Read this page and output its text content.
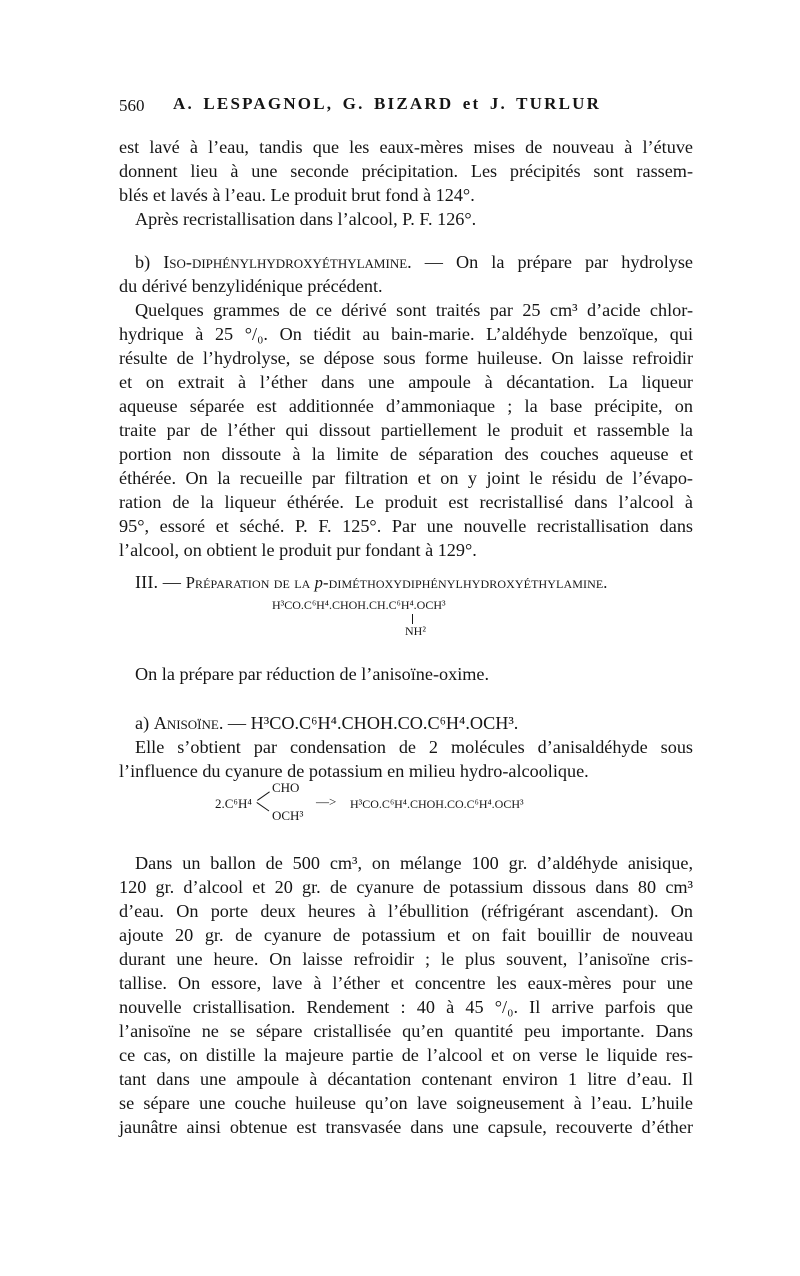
560 A. LESPAGNOL, G. BIZARD et J. TURLUR
est lavé à l’eau, tandis que les eaux-mères mises de nouveau à l’étuve
donnent lieu à une seconde précipitation. Les précipités sont rassem-
blés et lavés à l’eau. Le produit brut fond à 124°.
Après recristallisation dans l’alcool, P. F. 126°.
b) Iso-diphénylhydroxyéthylamine. — On la prépare par hydrolyse
du dérivé benzylidénique précédent.
Quelques grammes de ce dérivé sont traités par 25 cm³ d’acide chlor-
hydrique à 25 °/₀. On tiédit au bain-marie. L’aldéhyde benzoïque, qui
résulte de l’hydrolyse, se dépose sous forme huileuse. On laisse refroidir
et on extrait à l’éther dans une ampoule à décantation. La liqueur
aqueuse séparée est additionnée d’ammoniaque ; la base précipite, on
traite par de l’éther qui dissout partiellement le produit et rassemble la
portion non dissoute à la limite de séparation des couches aqueuse et
éthérée. On la recueille par filtration et on y joint le résidu de l’évapo-
ration de la liqueur éthérée. Le produit est recristallisé dans l’alcool à
95°, essoré et séché. P. F. 125°. Par une nouvelle recristallisation dans
l’alcool, on obtient le produit pur fondant à 129°.
III. — Préparation de la p-diméthoxydiphénylhydroxyéthylamine.
H³CO.C⁶H⁴.CHOH.CH.C⁶H⁴.OCH³
NH²
On la prépare par réduction de l’anisoïne-oxime.
a) Anisoïne. — H³CO.C⁶H⁴.CHOH.CO.C⁶H⁴.OCH³.
Elle s’obtient par condensation de 2 molécules d’anisaldéhyde sous
l’influence du cyanure de potassium en milieu hydro-alcoolique.
2.C⁶H⁴
CHO
OCH³
—> H³CO.C⁶H⁴.CHOH.CO.C⁶H⁴.OCH³
Dans un ballon de 500 cm³, on mélange 100 gr. d’aldéhyde anisique,
120 gr. d’alcool et 20 gr. de cyanure de potassium dissous dans 80 cm³
d’eau. On porte deux heures à l’ébullition (réfrigérant ascendant). On
ajoute 20 gr. de cyanure de potassium et on fait bouillir de nouveau
durant une heure. On laisse refroidir ; le plus souvent, l’anisoïne cris-
tallise. On essore, lave à l’éther et concentre les eaux-mères pour une
nouvelle cristallisation. Rendement : 40 à 45 °/₀. Il arrive parfois que
l’anisoïne ne se sépare cristallisée qu’en quantité peu importante. Dans
ce cas, on distille la majeure partie de l’alcool et on verse le liquide res-
tant dans une ampoule à décantation contenant environ 1 litre d’eau. Il
se sépare une couche huileuse qu’on lave soigneusement à l’eau. L’huile
jaunâtre ainsi obtenue est transvasée dans une capsule, recouverte d’éther
